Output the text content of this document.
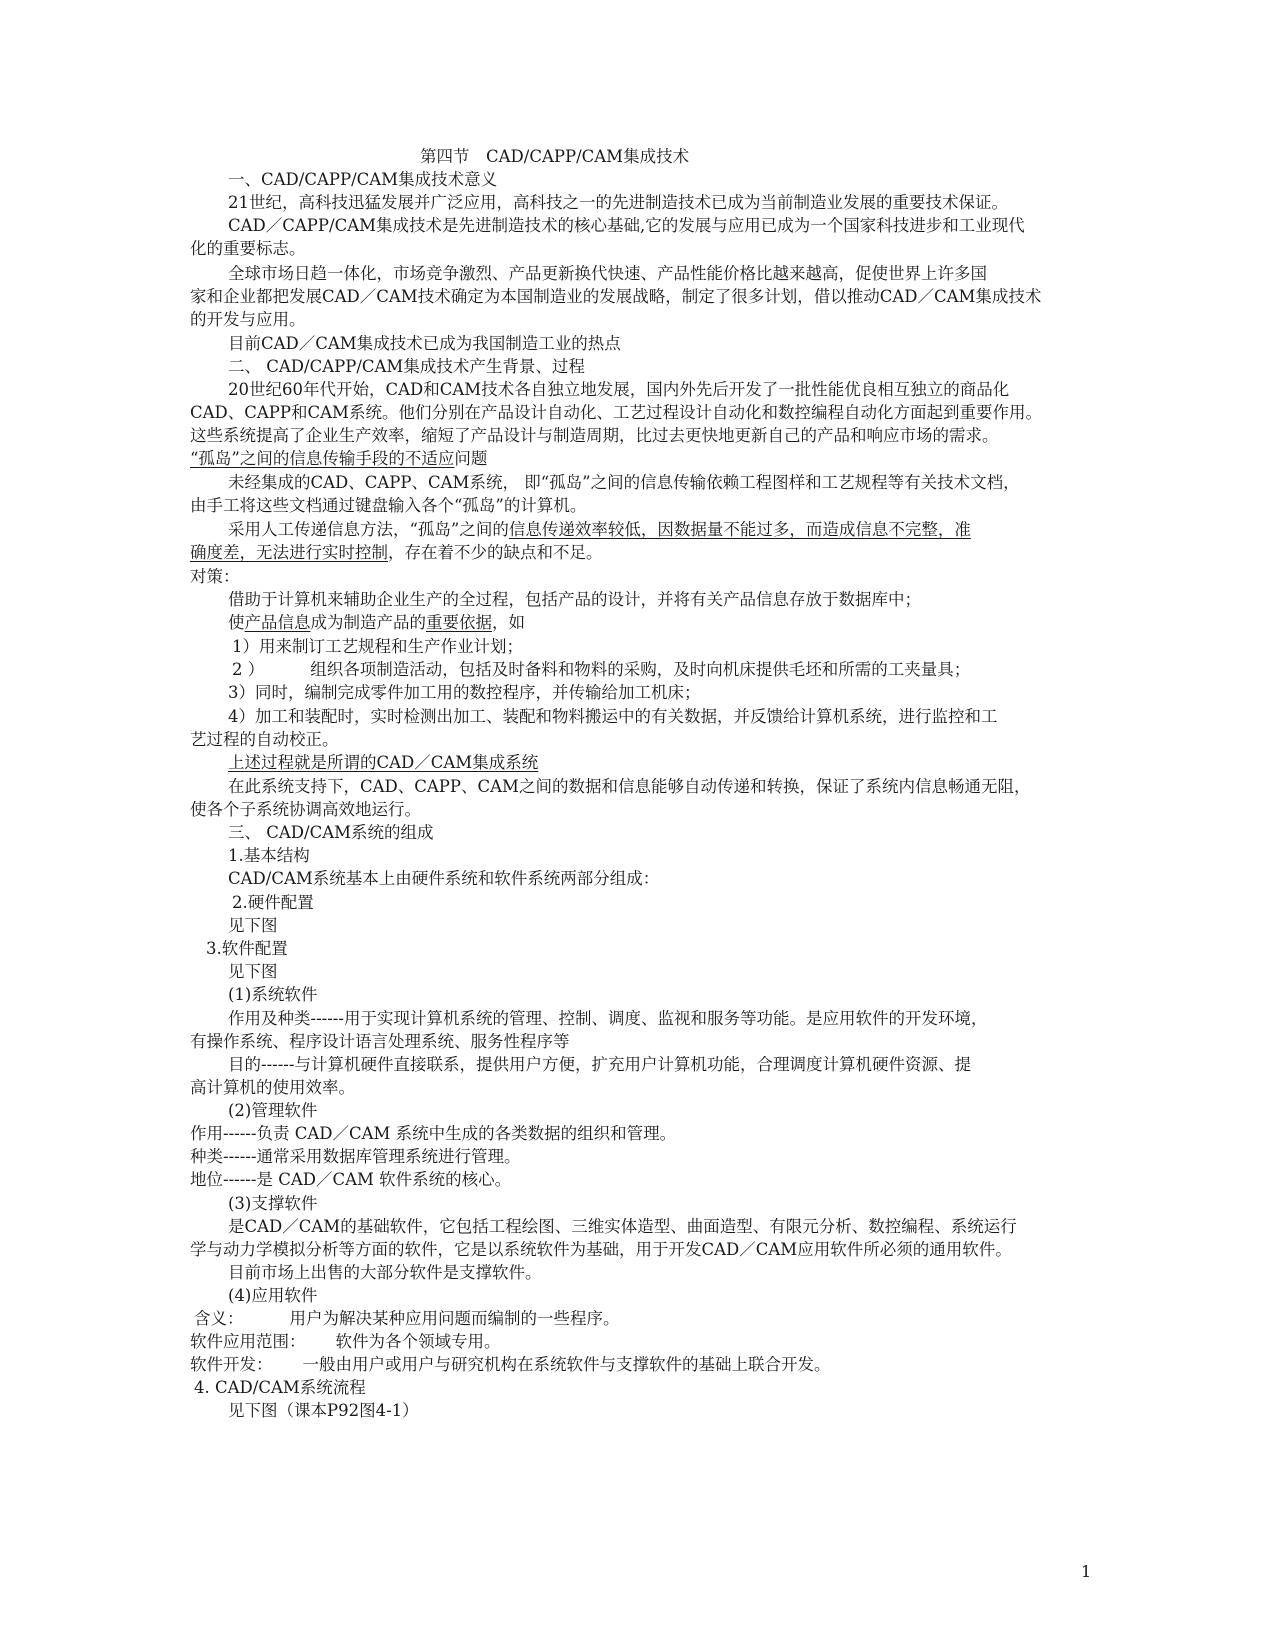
第四节　CAD/CAPP/CAM集成技术
一、CAD/CAPP/CAM集成技术意义
21世纪，高科技迅猛发展并广泛应用，高科技之一的先进制造技术已成为当前制造业发展的重要技术保证。
CAD／CAPP/CAM集成技术是先进制造技术的核心基础,它的发展与应用已成为一个国家科技进步和工业现代
化的重要标志。
全球市场日趋一体化，市场竞争激烈、产品更新换代快速、产品性能价格比越来越高，促使世界上许多国
家和企业都把发展CAD／CAM技术确定为本国制造业的发展战略，制定了很多计划，借以推动CAD／CAM集成技术
的开发与应用。
目前CAD／CAM集成技术已成为我国制造工业的热点
二、 CAD/CAPP/CAM集成技术产生背景、过程
20世纪60年代开始，CAD和CAM技术各自独立地发展，国内外先后开发了一批性能优良相互独立的商品化
CAD、CAPP和CAM系统。他们分别在产品设计自动化、工艺过程设计自动化和数控编程自动化方面起到重要作用。
这些系统提高了企业生产效率，缩短了产品设计与制造周期，比过去更快地更新自己的产品和响应市场的需求。
“孤岛”之间的信息传输手段的不适应问题
未经集成的CAD、CAPP、CAM系统， 即“孤岛”之间的信息传输依赖工程图样和工艺规程等有关技术文档，
由手工将这些文档通过键盘输入各个“孤岛”的计算机。
采用人工传递信息方法，“孤岛”之间的信息传递效率较低，因数据量不能过多，而造成信息不完整，准
确度差，无法进行实时控制，存在着不少的缺点和不足。
对策：
借助于计算机来辅助企业生产的全过程，包括产品的设计，并将有关产品信息存放于数据库中；
使产品信息成为制造产品的重要依据，如
1）用来制订工艺规程和生产作业计划；
2 ）	组织各项制造活动，包括及时备料和物料的采购，及时向机床提供毛坯和所需的工夹量具；
3）同时，编制完成零件加工用的数控程序，并传输给加工机床；
4）加工和装配时，实时检测出加工、装配和物料搬运中的有关数据，并反馈给计算机系统，进行监控和工
艺过程的自动校正。
上述过程就是所谓的CAD／CAM集成系统
在此系统支持下，CAD、CAPP、CAM之间的数据和信息能够自动传递和转换，保证了系统内信息畅通无阻，
使各个子系统协调高效地运行。
三、 CAD/CAM系统的组成
1.基本结构
CAD/CAM系统基本上由硬件系统和软件系统两部分组成：
2.硬件配置
见下图
3.软件配置
见下图
(1)系统软件
作用及种类------用于实现计算机系统的管理、控制、调度、监视和服务等功能。是应用软件的开发环境，
有操作系统、程序设计语言处理系统、服务性程序等
目的------与计算机硬件直接联系，提供用户方便，扩充用户计算机功能，合理调度计算机硬件资源、提
高计算机的使用效率。
(2)管理软件
作用------负责 CAD／CAM 系统中生成的各类数据的组织和管理。
种类------通常采用数据库管理系统进行管理。
地位------是 CAD／CAM 软件系统的核心。
(3)支撑软件
是CAD／CAM的基础软件，它包括工程绘图、三维实体造型、曲面造型、有限元分析、数控编程、系统运行
学与动力学模拟分析等方面的软件，它是以系统软件为基础，用于开发CAD／CAM应用软件所必须的通用软件。
目前市场上出售的大部分软件是支撑软件。
(4)应用软件
含义：	用户为解决某种应用问题而编制的一些程序。
软件应用范围： 软件为各个领域专用。
软件开发： 一般由用户或用户与研究机构在系统软件与支撑软件的基础上联合开发。
4. CAD/CAM系统流程
见下图（课本P92图4-1）
1
